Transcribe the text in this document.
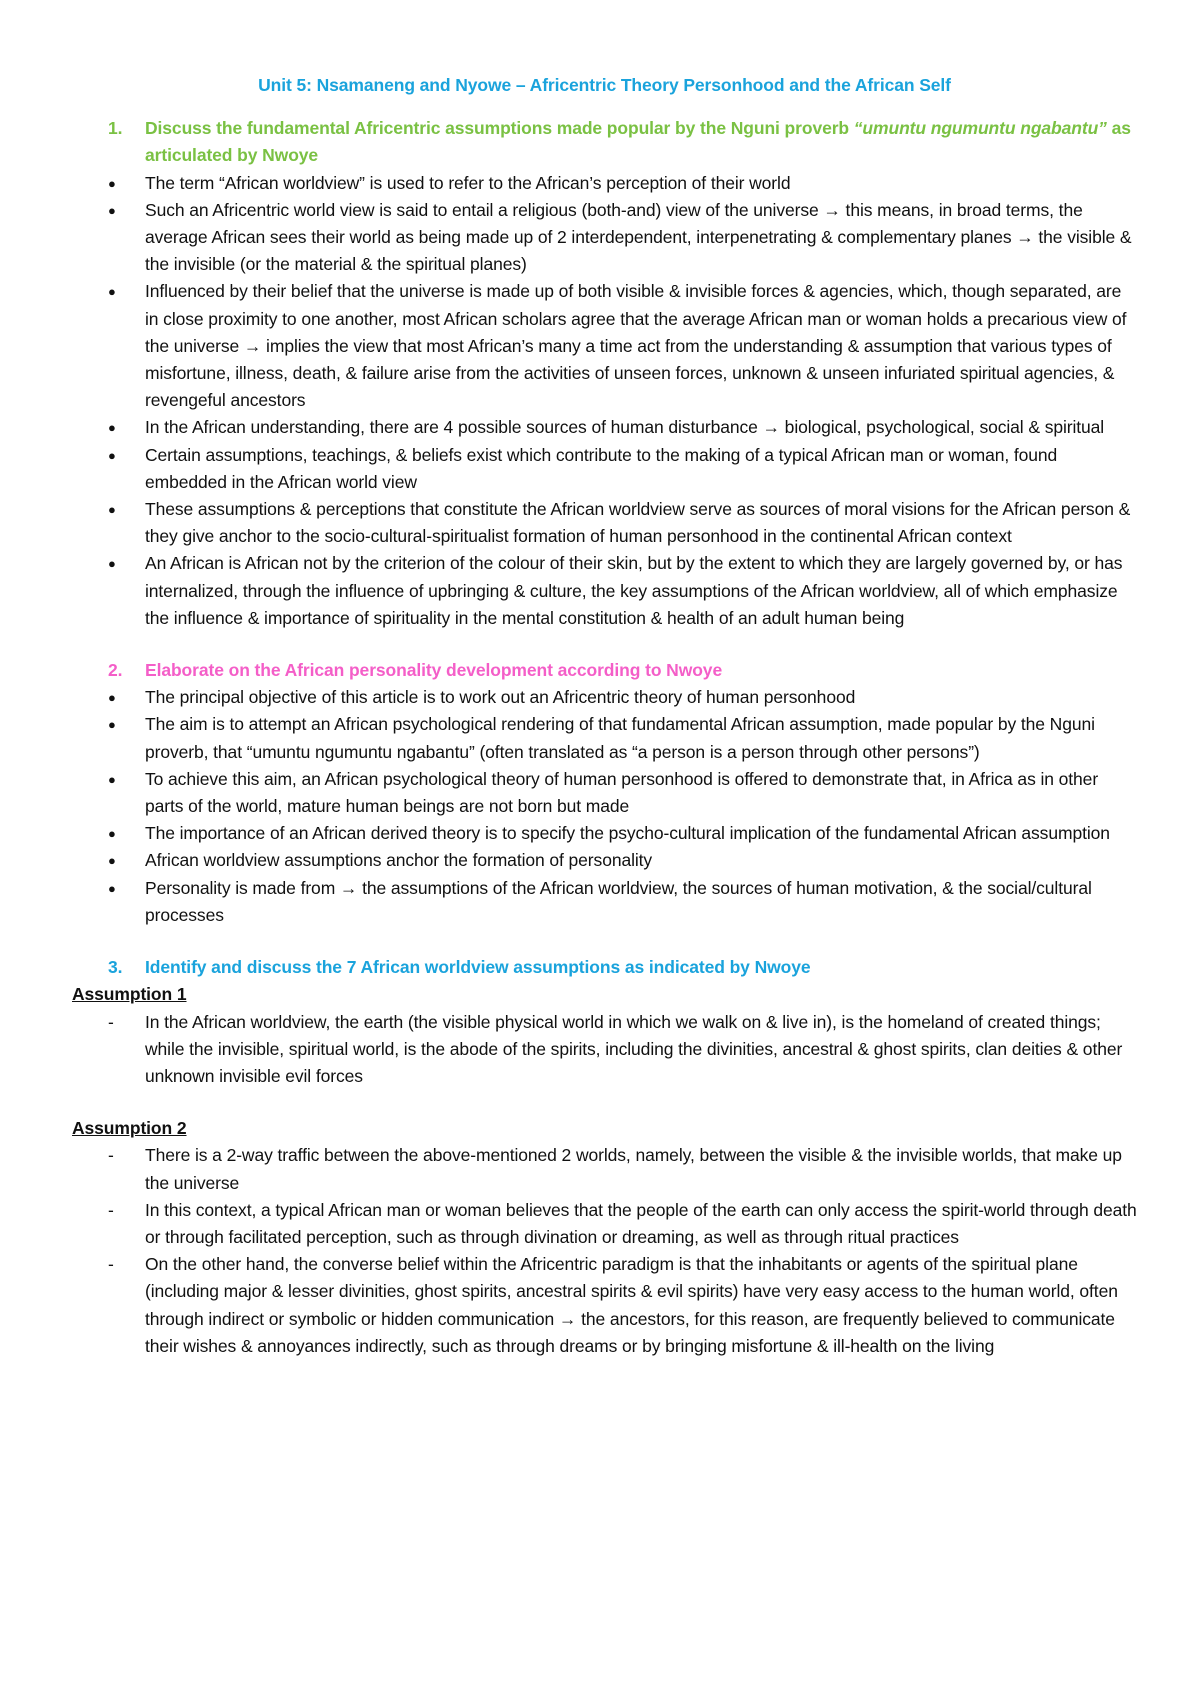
Unit 5: Nsamaneng and Nyowe – Africentric Theory Personhood and the African Self
1.	Discuss the fundamental Africentric assumptions made popular by the Nguni proverb “umuntu ngumuntu ngabantu” as articulated by Nwoye
●	The term “African worldview” is used to refer to the African’s perception of their world
●	Such an Africentric world view is said to entail a religious (both-and) view of the universe → this means, in broad terms, the average African sees their world as being made up of 2 interdependent, interpenetrating & complementary planes → the visible & the invisible (or the material & the spiritual planes)
●	Influenced by their belief that the universe is made up of both visible & invisible forces & agencies, which, though separated, are in close proximity to one another, most African scholars agree that the average African man or woman holds a precarious view of the universe → implies the view that most African’s many a time act from the understanding & assumption that various types of misfortune, illness, death, & failure arise from the activities of unseen forces, unknown & unseen infuriated spiritual agencies, & revengeful ancestors
●	In the African understanding, there are 4 possible sources of human disturbance → biological, psychological, social & spiritual
●	Certain assumptions, teachings, & beliefs exist which contribute to the making of a typical African man or woman, found embedded in the African world view
●	These assumptions & perceptions that constitute the African worldview serve as sources of moral visions for the African person & they give anchor to the socio-cultural-spiritualist formation of human personhood in the continental African context
●	An African is African not by the criterion of the colour of their skin, but by the extent to which they are largely governed by, or has internalized, through the influence of upbringing & culture, the key assumptions of the African worldview, all of which emphasize the influence & importance of spirituality in the mental constitution & health of an adult human being
2.	Elaborate on the African personality development according to Nwoye
●	The principal objective of this article is to work out an Africentric theory of human personhood
●	The aim is to attempt an African psychological rendering of that fundamental African assumption, made popular by the Nguni proverb, that “umuntu ngumuntu ngabantu” (often translated as “a person is a person through other persons”)
●	To achieve this aim, an African psychological theory of human personhood is offered to demonstrate that, in Africa as in other parts of the world, mature human beings are not born but made
●	The importance of an African derived theory is to specify the psycho-cultural implication of the fundamental African assumption
●	African worldview assumptions anchor the formation of personality
●	Personality is made from → the assumptions of the African worldview, the sources of human motivation, & the social/cultural processes
3.	Identify and discuss the 7 African worldview assumptions as indicated by Nwoye
Assumption 1
-	In the African worldview, the earth (the visible physical world in which we walk on & live in), is the homeland of created things; while the invisible, spiritual world, is the abode of the spirits, including the divinities, ancestral & ghost spirits, clan deities & other unknown invisible evil forces
Assumption 2
-	There is a 2-way traffic between the above-mentioned 2 worlds, namely, between the visible & the invisible worlds, that make up the universe
-	In this context, a typical African man or woman believes that the people of the earth can only access the spirit-world through death or through facilitated perception, such as through divination or dreaming, as well as through ritual practices
-	On the other hand, the converse belief within the Africentric paradigm is that the inhabitants or agents of the spiritual plane (including major & lesser divinities, ghost spirits, ancestral spirits & evil spirits) have very easy access to the human world, often through indirect or symbolic or hidden communication → the ancestors, for this reason, are frequently believed to communicate their wishes & annoyances indirectly, such as through dreams or by bringing misfortune & ill-health on the living
